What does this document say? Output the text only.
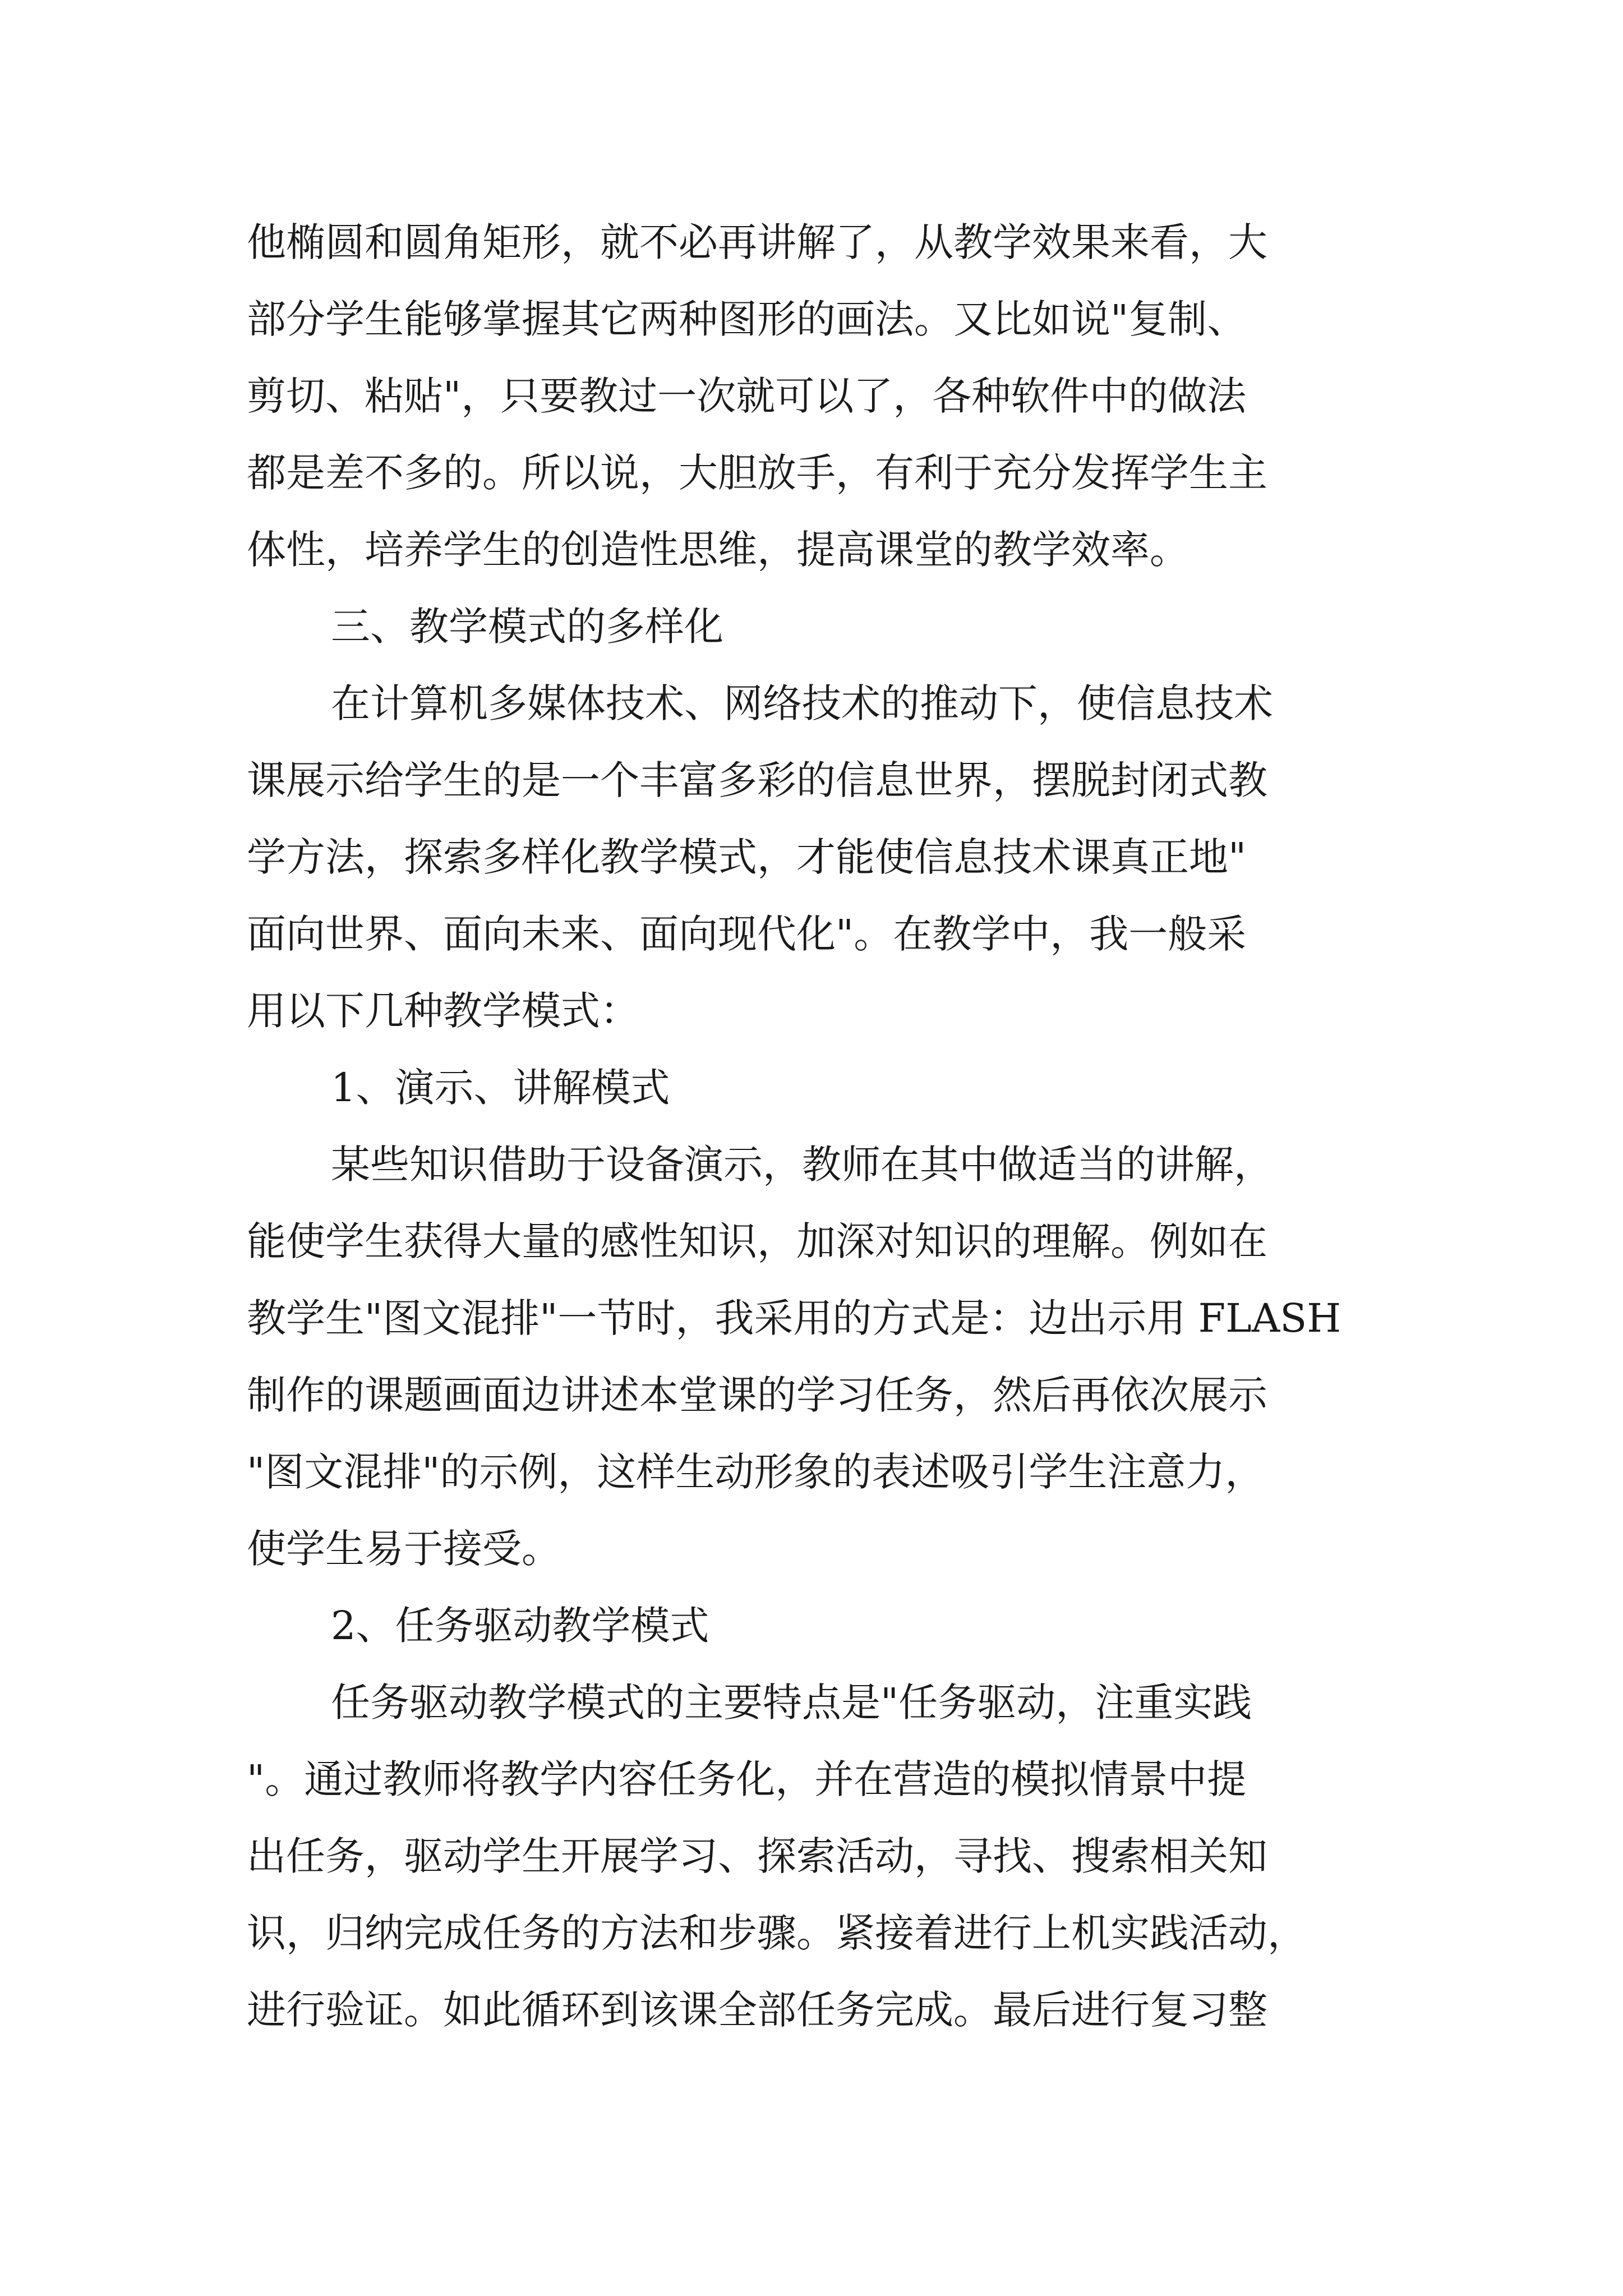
他椭圆和圆角矩形，就不必再讲解了，从教学效果来看，大
部分学生能够掌握其它两种图形的画法。又比如说"复制、
剪切、粘贴"，只要教过一次就可以了，各种软件中的做法
都是差不多的。所以说，大胆放手，有利于充分发挥学生主
体性，培养学生的创造性思维，提高课堂的教学效率。
三、教学模式的多样化
在计算机多媒体技术、网络技术的推动下，使信息技术
课展示给学生的是一个丰富多彩的信息世界，摆脱封闭式教
学方法，探索多样化教学模式，才能使信息技术课真正地"
面向世界、面向未来、面向现代化"。在教学中，我一般采
用以下几种教学模式：
1、演示、讲解模式
某些知识借助于设备演示，教师在其中做适当的讲解，
能使学生获得大量的感性知识，加深对知识的理解。例如在
教学生"图文混排"一节时，我采用的方式是：边出示用 FLASH
制作的课题画面边讲述本堂课的学习任务，然后再依次展示
"图文混排"的示例，这样生动形象的表述吸引学生注意力，
使学生易于接受。
2、任务驱动教学模式
任务驱动教学模式的主要特点是"任务驱动，注重实践
"。通过教师将教学内容任务化，并在营造的模拟情景中提
出任务，驱动学生开展学习、探索活动，寻找、搜索相关知
识，归纳完成任务的方法和步骤。紧接着进行上机实践活动，
进行验证。如此循环到该课全部任务完成。最后进行复习整
